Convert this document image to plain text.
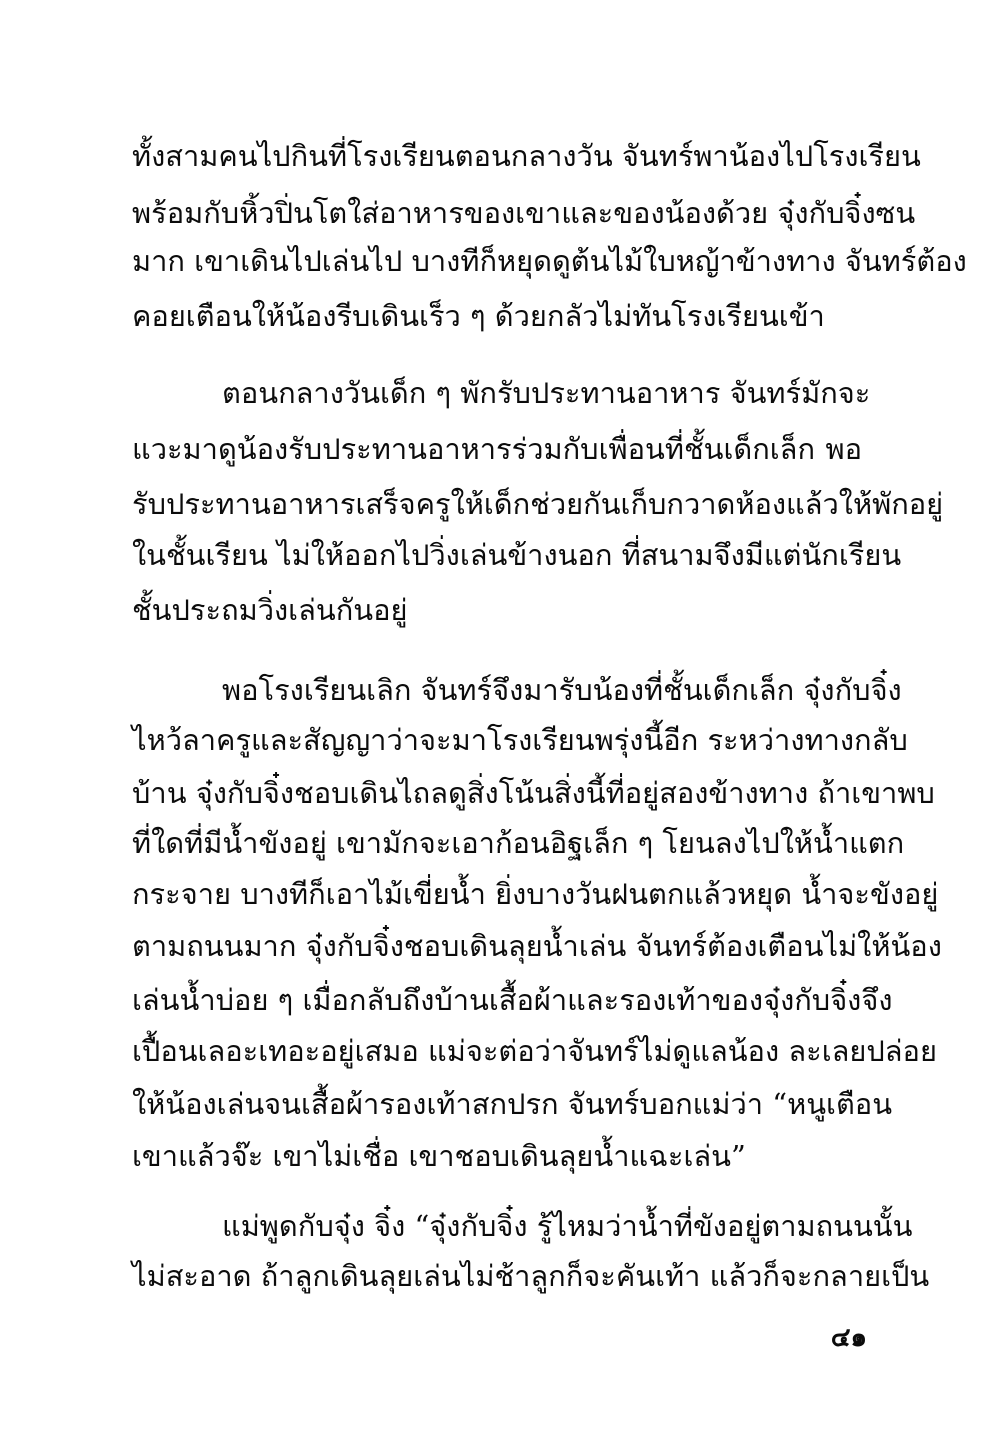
ทั้งสามคนไปกินที่โรงเรียนตอนกลางวัน จันทร์พาน้องไปโรงเรียน
พร้อมกับหิ้วปิ่นโตใส่อาหารของเขาและของน้องด้วย จุ๋งกับจิ๋งซน
มาก เขาเดินไปเล่นไป บางทีก็หยุดดูต้นไม้ใบหญ้าข้างทาง จันทร์ต้อง
คอยเตือนให้น้องรีบเดินเร็ว ๆ ด้วยกลัวไม่ทันโรงเรียนเข้า
ตอนกลางวันเด็ก ๆ พักรับประทานอาหาร จันทร์มักจะ
แวะมาดูน้องรับประทานอาหารร่วมกับเพื่อนที่ชั้นเด็กเล็ก พอ
รับประทานอาหารเสร็จครูให้เด็กช่วยกันเก็บกวาดห้องแล้วให้พักอยู่
ในชั้นเรียน ไม่ให้ออกไปวิ่งเล่นข้างนอก ที่สนามจึงมีแต่นักเรียน
ชั้นประถมวิ่งเล่นกันอยู่
พอโรงเรียนเลิก จันทร์จึงมารับน้องที่ชั้นเด็กเล็ก จุ๋งกับจิ๋ง
ไหว้ลาครูและสัญญาว่าจะมาโรงเรียนพรุ่งนี้อีก ระหว่างทางกลับ
บ้าน จุ๋งกับจิ๋งชอบเดินไถลดูสิ่งโน้นสิ่งนี้ที่อยู่สองข้างทาง ถ้าเขาพบ
ที่ใดที่มีน้ำขังอยู่ เขามักจะเอาก้อนอิฐเล็ก ๆ โยนลงไปให้น้ำแตก
กระจาย บางทีก็เอาไม้เขี่ยน้ำ ยิ่งบางวันฝนตกแล้วหยุด น้ำจะขังอยู่
ตามถนนมาก จุ๋งกับจิ๋งชอบเดินลุยน้ำเล่น จันทร์ต้องเตือนไม่ให้น้อง
เล่นน้ำบ่อย ๆ เมื่อกลับถึงบ้านเสื้อผ้าและรองเท้าของจุ๋งกับจิ๋งจึง
เปื้อนเลอะเทอะอยู่เสมอ แม่จะต่อว่าจันทร์ไม่ดูแลน้อง ละเลยปล่อย
ให้น้องเล่นจนเสื้อผ้ารองเท้าสกปรก จันทร์บอกแม่ว่า “หนูเตือน
เขาแล้วจ๊ะ เขาไม่เชื่อ เขาชอบเดินลุยน้ำแฉะเล่น”
แม่พูดกับจุ๋ง จิ๋ง “จุ๋งกับจิ๋ง รู้ไหมว่าน้ำที่ขังอยู่ตามถนนนั้น
ไม่สะอาด ถ้าลูกเดินลุยเล่นไม่ช้าลูกก็จะคันเท้า แล้วก็จะกลายเป็น
๔๑
